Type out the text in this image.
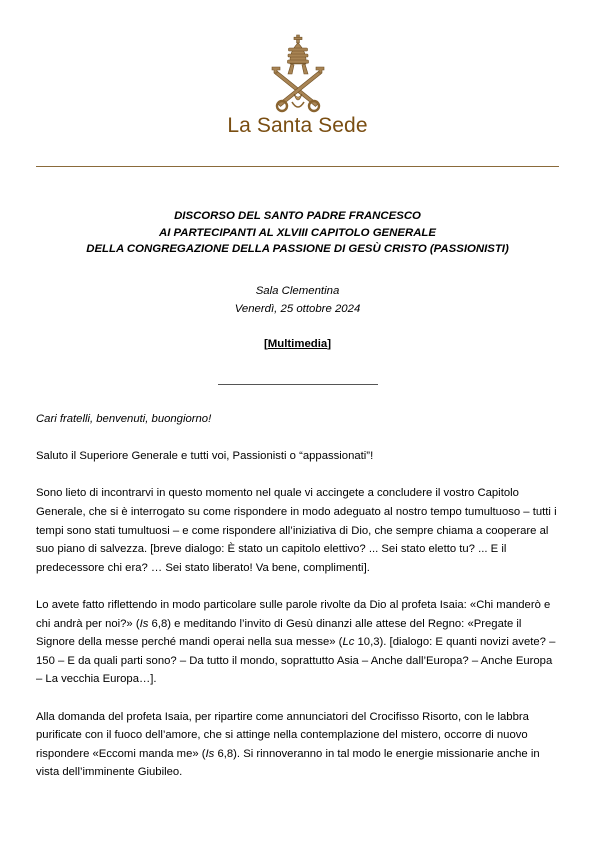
La Santa Sede
DISCORSO DEL SANTO PADRE FRANCESCO
AI PARTECIPANTI AL XLVIII CAPITOLO GENERALE
DELLA CONGREGAZIONE DELLA PASSIONE DI GESÙ CRISTO (PASSIONISTI)
Sala Clementina
Venerdì, 25 ottobre 2024
[Multimedia]

Cari fratelli, benvenuti, buongiorno!

Saluto il Superiore Generale e tutti voi, Passionisti o “appassionati”!

Sono lieto di incontrarvi in questo momento nel quale vi accingete a concludere il vostro Capitolo Generale, che si è interrogato su come rispondere in modo adeguato al nostro tempo tumultuoso – tutti i tempi sono stati tumultuosi – e come rispondere all’iniziativa di Dio, che sempre chiama a cooperare al suo piano di salvezza. [breve dialogo: È stato un capitolo elettivo? ... Sei stato eletto tu? ... E il predecessore chi era? … Sei stato liberato! Va bene, complimenti].

Lo avete fatto riflettendo in modo particolare sulle parole rivolte da Dio al profeta Isaia: «Chi manderò e chi andrà per noi?» (Is 6,8) e meditando l’invito di Gesù dinanzi alle attese del Regno: «Pregate il Signore della messe perché mandi operai nella sua messe» (Lc 10,3). [dialogo: E quanti novizi avete? – 150 – E da quali parti sono? – Da tutto il mondo, soprattutto Asia – Anche dall’Europa? – Anche Europa – La vecchia Europa…].

Alla domanda del profeta Isaia, per ripartire come annunciatori del Crocifisso Risorto, con le labbra purificate con il fuoco dell’amore, che si attinge nella contemplazione del mistero, occorre di nuovo rispondere «Eccomi manda me» (Is 6,8). Si rinnoveranno in tal modo le energie missionarie anche in vista dell’imminente Giubileo.
